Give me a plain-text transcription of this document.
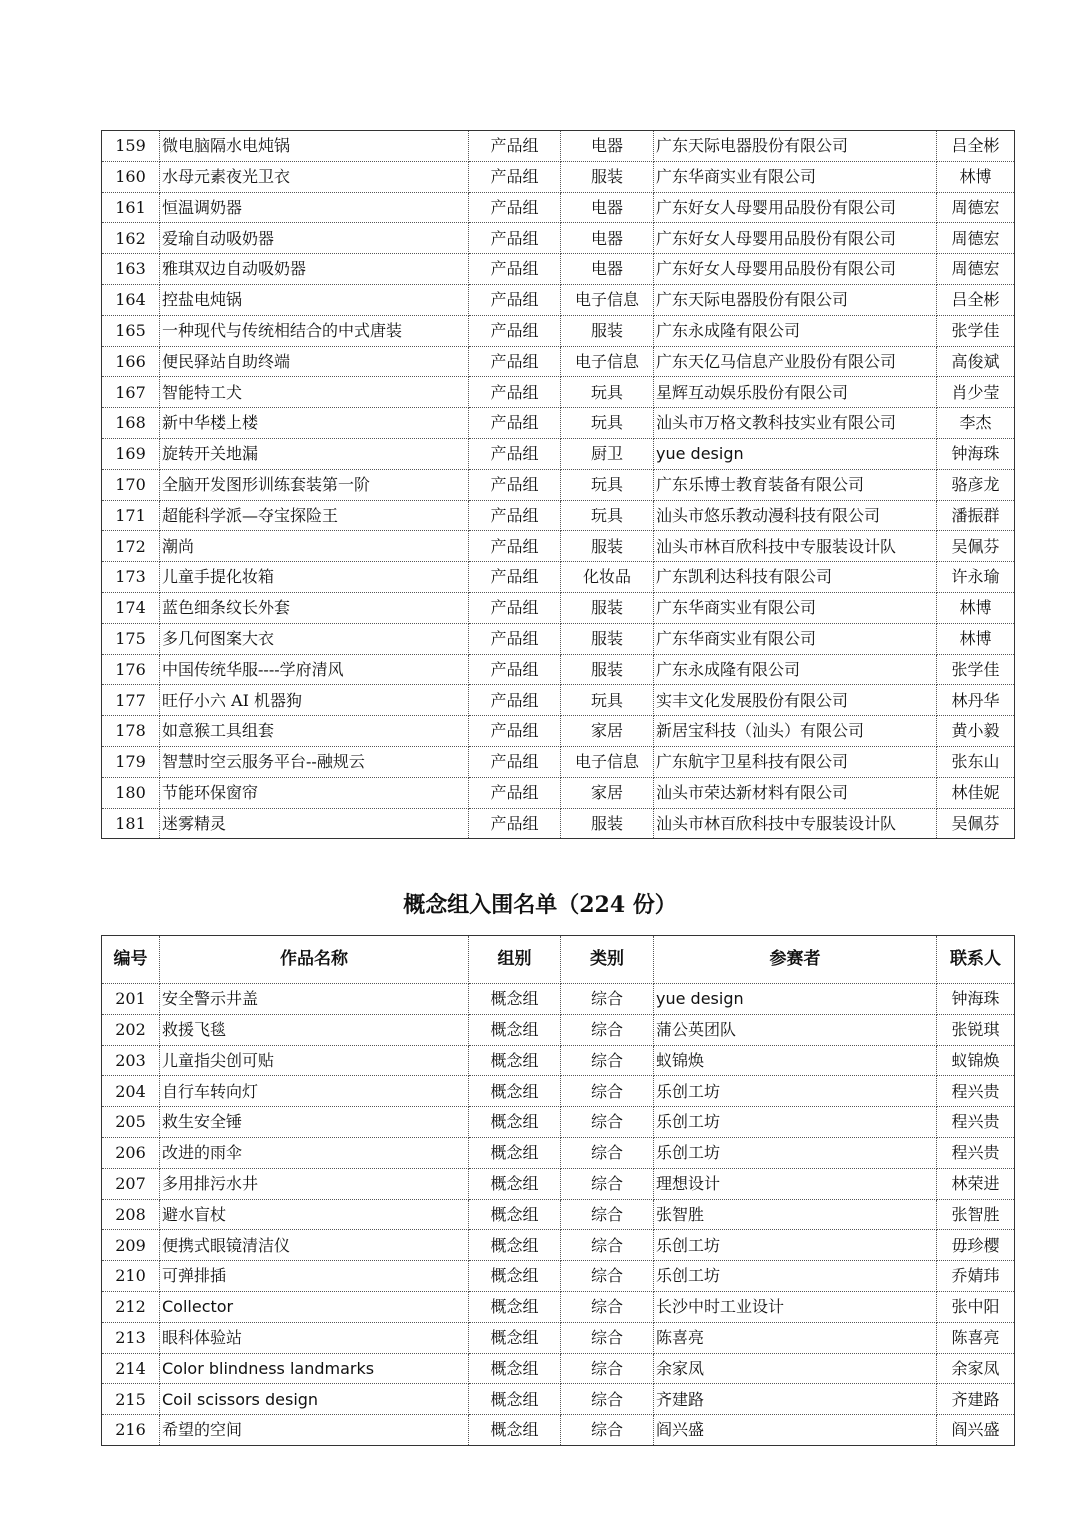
159	微电脑隔水电炖锅	产品组	电器	广东天际电器股份有限公司	吕全彬
160	水母元素夜光卫衣	产品组	服装	广东华商实业有限公司	林博
161	恒温调奶器	产品组	电器	广东好女人母婴用品股份有限公司	周德宏
162	爱瑜自动吸奶器	产品组	电器	广东好女人母婴用品股份有限公司	周德宏
163	雅琪双边自动吸奶器	产品组	电器	广东好女人母婴用品股份有限公司	周德宏
164	控盐电炖锅	产品组	电子信息	广东天际电器股份有限公司	吕全彬
165	一种现代与传统相结合的中式唐装	产品组	服装	广东永成隆有限公司	张学佳
166	便民驿站自助终端	产品组	电子信息	广东天亿马信息产业股份有限公司	高俊斌
167	智能特工犬	产品组	玩具	星辉互动娱乐股份有限公司	肖少莹
168	新中华楼上楼	产品组	玩具	汕头市万格文教科技实业有限公司	李杰
169	旋转开关地漏	产品组	厨卫	yue design	钟海珠
170	全脑开发图形训练套装第一阶	产品组	玩具	广东乐博士教育装备有限公司	骆彦龙
171	超能科学派—夺宝探险王	产品组	玩具	汕头市悠乐教动漫科技有限公司	潘振群
172	潮尚	产品组	服装	汕头市林百欣科技中专服装设计队	吴佩芬
173	儿童手提化妆箱	产品组	化妆品	广东凯利达科技有限公司	许永瑜
174	蓝色细条纹长外套	产品组	服装	广东华商实业有限公司	林博
175	多几何图案大衣	产品组	服装	广东华商实业有限公司	林博
176	中国传统华服----学府清风	产品组	服装	广东永成隆有限公司	张学佳
177	旺仔小六 AI 机器狗	产品组	玩具	实丰文化发展股份有限公司	林丹华
178	如意猴工具组套	产品组	家居	新居宝科技（汕头）有限公司	黄小毅
179	智慧时空云服务平台--融规云	产品组	电子信息	广东航宇卫星科技有限公司	张东山
180	节能环保窗帘	产品组	家居	汕头市荣达新材料有限公司	林佳妮
181	迷雾精灵	产品组	服装	汕头市林百欣科技中专服装设计队	吴佩芬
概念组入围名单（224 份）
编号	作品名称	组别	类别	参赛者	联系人
201	安全警示井盖	概念组	综合	yue design	钟海珠
202	救援飞毯	概念组	综合	蒲公英团队	张锐琪
203	儿童指尖创可贴	概念组	综合	蚁锦焕	蚁锦焕
204	自行车转向灯	概念组	综合	乐创工坊	程兴贵
205	救生安全锤	概念组	综合	乐创工坊	程兴贵
206	改进的雨伞	概念组	综合	乐创工坊	程兴贵
207	多用排污水井	概念组	综合	理想设计	林荣进
208	避水盲杖	概念组	综合	张智胜	张智胜
209	便携式眼镜清洁仪	概念组	综合	乐创工坊	毋珍樱
210	可弹排插	概念组	综合	乐创工坊	乔婧玮
212	Collector	概念组	综合	长沙中时工业设计	张中阳
213	眼科体验站	概念组	综合	陈喜亮	陈喜亮
214	Color blindness landmarks	概念组	综合	余家凤	余家凤
215	Coil scissors design	概念组	综合	齐建路	齐建路
216	希望的空间	概念组	综合	阎兴盛	阎兴盛
